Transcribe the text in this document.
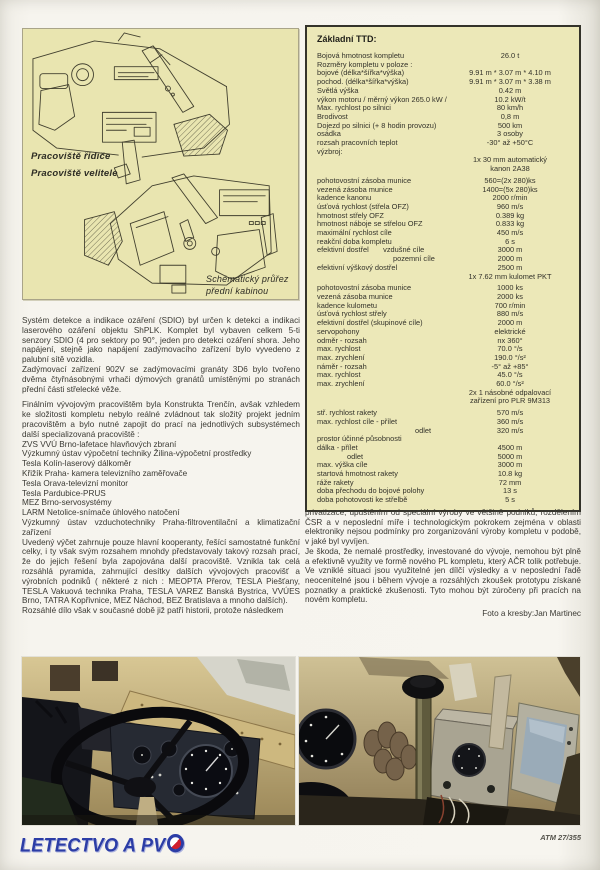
Pracoviště řidiče
Pracoviště velitele
Schématický průřez
přední kabinou
Základní TTD:
Bojová hmotnost kompletu	26.0 t
Rozměry kompletu v poloze :
bojové (délka*šířka*výška)	9.91 m * 3.07 m * 4.10 m
pochod. (délka*šířka*výška)	9.91 m * 3.07 m * 3.38 m
Světlá výška	0.42 m
výkon motoru / měrný výkon 265.0 kW /	10.2 kW/t
Max. rychlost po silnici	80 km/h
Brodivost	0,8 m
Dojezd po silnici (+ 8 hodin provozu)	500 km
osádka	3 osoby
rozsah pracovních teplot	-30° až +50°C
výzbroj:
1x 30 mm automatický
kanon 2A38
pohotovostní zásoba munice	560=(2x 280)ks
vezená zásoba munice	1400=(5x 280)ks
kadence kanonu	2000 r/min
úsťová rychlost (střela OFZ)	960 m/s
hmotnost střely OFZ	0.389 kg
hmotnost náboje se střelou OFZ	0.833 kg
maximální rychlost cíle	450 m/s
reakční doba kompletu	6 s
efektivní dostřel       vzdušné cíle	3000 m
pozemní cíle	2000 m
efektivní výškový dostřel	2500 m
1x 7.62 mm kulomet PKT
pohotovostní zásoba munice	1000 ks
vezená zásoba munice	2000 ks
kadence kulometu	700 r/min
úsťová rychlost střely	880 m/s
efektivní dostřel (skupinové cíle)	2000 m
servopohony	elektrické
odměr - rozsah	nx 360°
max. rychlost	70.0 °/s
max. zrychlení	190.0 °/s²
náměr - rozsah	-5° až +85°
max. rychlost	45.0 °/s
max. zrychlení	60.0 °/s²
2x 1 násobné odpalovací
zařízení pro PLR 9M313
stř. rychlost rakety	570 m/s
max. rychlost cíle - přílet	360 m/s
odlet	320 m/s
prostor účinné působnosti
dálka - přílet	4500 m
odlet	5000 m
max. výška cíle	3000 m
startová hmotnost rakety	10.8 kg
ráže rakety	72 mm
doba přechodu do bojové polohy	13 s
doba pohotovosti ke střelbě	5 s
Systém detekce a indikace ozáření (SDIO) byl určen k detekci a indikaci laserového ozáření objektu ShPLK. Komplet byl vybaven celkem 5-ti senzory SDIO (4 pro sektory po 90°, jeden pro detekci ozáření shora. Jeho napájení, stejně jako napájení zadýmovacího zařízení bylo vyvedeno z palubní sítě vozidla.
Zadýmovací zařízení 902V se zadýmovacími granáty 3D6 bylo tvořeno dvěma čtyřnásobnými vrhači dýmových granátů umístěnými po stranách přední části střelecké věže.
Finálním vývojovým pracovištěm byla Konstrukta Trenčín, avšak vzhledem ke složitosti kompletu nebylo reálné zvládnout tak složitý projekt jedním pracovištěm a bylo nutné zapojit do prací na jednotlivých subsystémech další specializovaná pracoviště :
ZVS VVÚ Brno-lafetace hlavňových zbraní
Výzkumný ústav výpočetní techniky Žilina-výpočetní prostředky
Tesla Kolín-laserový dálkoměr
Křižík Praha- kamera televizního zaměřovače
Tesla Orava-televizní monitor
Tesla Pardubice-PRUS
MEZ Brno-servosystémy
LARM Netolice-snímače úhlového natočení
Výzkumný ústav vzduchotechniky Praha-filtroventilační a klimatizační zařízení
Uvedený výčet zahrnuje pouze hlavní kooperanty, řešící samostatné funkční celky, i ty však svým rozsahem mnohdy představovaly takový rozsah prací, že do jejich řešení byla zapojována další pracoviště. Vznikla tak celá rozsáhlá pyramida, zahrnující desítky dalších vývojových pracovišť a výrobních podniků ( některé z nich : MEOPTA Přerov, TESLA Piešťany, TESLA Vakuová technika Praha, TESLA VAREZ Banská Bystrica, VVÚES Brno, TATRA Kopřivnice, MEZ Náchod, BEZ Bratislava a mnoho dalších).
Rozsáhlé dílo však v současné době již patří historii, protože následkem
privatizace, upuštěním od speciální výroby ve většině podniků, rozdělením ČSR a v neposlední míře i technologickým pokrokem zejména v oblasti elektroniky nejsou podmínky pro zorganizování výroby kompletu v podobě, v jaké byl vyvíjen.
Je škoda, že nemalé prostředky, investované do vývoje, nemohou být plně a efektivně využity ve formě nového PL kompletu, který AČR tolik potřebuje. Ve vzniklé situaci jsou využitelné jen dílčí výsledky a v neposlední řadě neocenitelné jsou i během vývoje a rozsáhlých zkoušek prototypu získané poznatky a praktické zkušenosti. Tyto mohou být zúročeny při pracích na novém kompletu.
Foto a kresby:Jan Martinec
LETECTVO A PV	ATM 27/355
